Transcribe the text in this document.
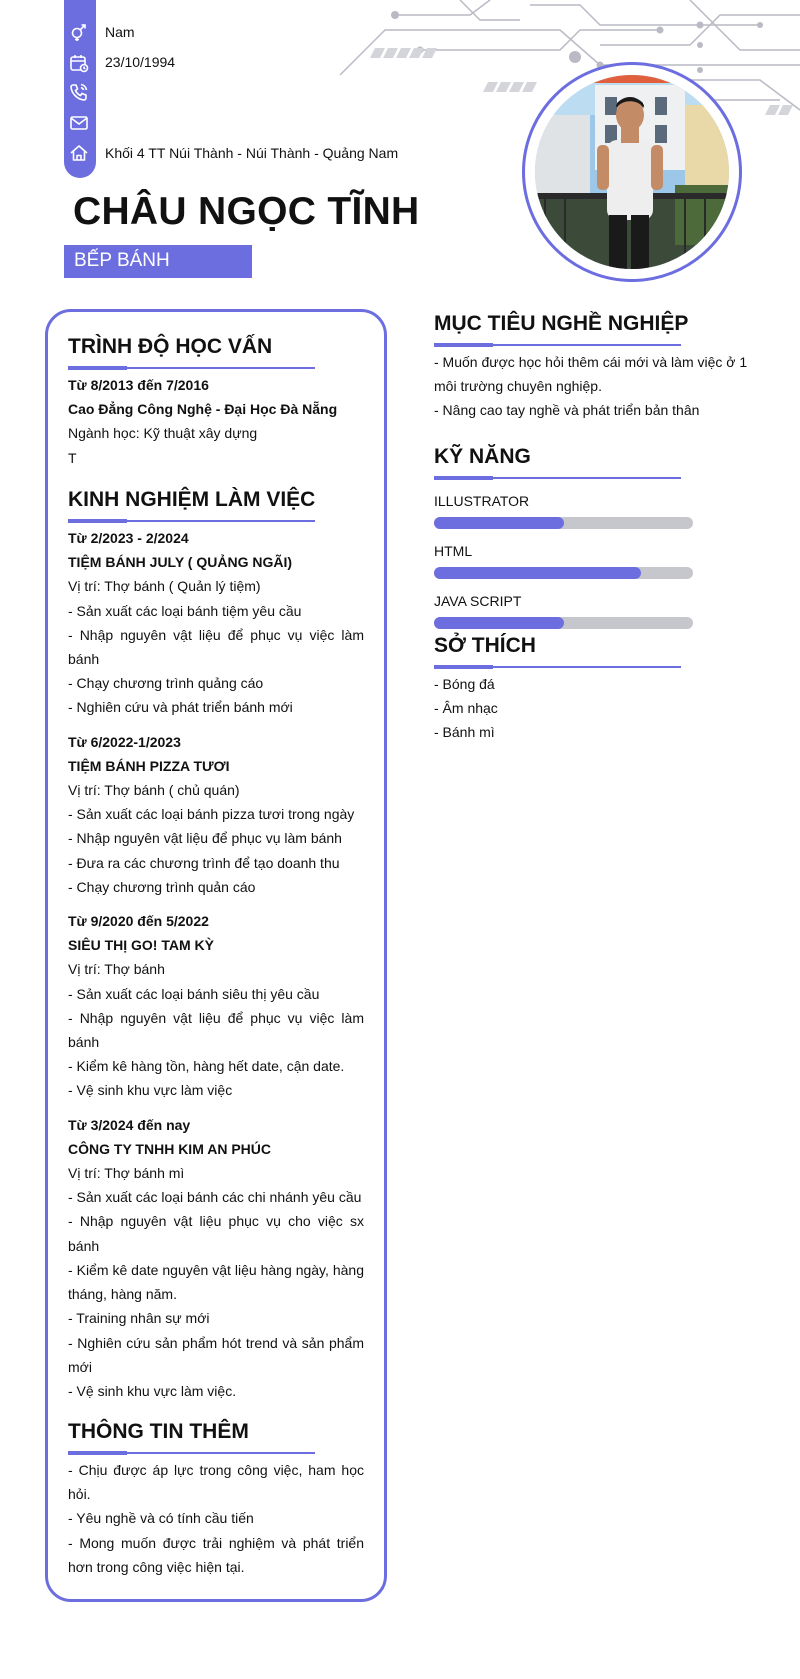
Nam
23/10/1994
Khối 4 TT Núi Thành - Núi Thành - Quảng Nam
CHÂU NGỌC TĨNH
BẾP BÁNH
TRÌNH ĐỘ HỌC VẤN
Từ 8/2013 đến 7/2016
Cao Đẳng Công Nghệ - Đại Học Đà Nẵng
Ngành học: Kỹ thuật xây dựng
T
KINH NGHIỆM LÀM VIỆC
Từ 2/2023 - 2/2024
TIỆM BÁNH JULY ( QUẢNG NGÃI)
Vị trí: Thợ bánh ( Quản lý tiệm)
- Sản xuất các loại bánh tiệm yêu cầu
- Nhập nguyên vật liệu để phục vụ việc làm
bánh
- Chạy chương trình quảng cáo
- Nghiên cứu và phát triển bánh mới
Từ 6/2022-1/2023
TIỆM BÁNH PIZZA TƯƠI
Vị trí: Thợ bánh ( chủ quán)
- Sản xuất các loại bánh pizza tươi trong ngày
- Nhập nguyên vật liệu để phục vụ làm bánh
- Đưa ra các chương trình để tạo doanh thu
- Chạy chương trình quản cáo
Từ 9/2020 đến 5/2022
SIÊU THỊ GO! TAM KỲ
Vị trí: Thợ bánh
- Sản xuất các loại bánh siêu thị yêu cầu
- Nhập nguyên vật liệu để phục vụ việc làm
bánh
- Kiểm kê hàng tồn, hàng hết date, cận date.
- Vệ sinh khu vực làm việc
Từ 3/2024 đến nay
CÔNG TY TNHH KIM AN PHÚC
Vị trí: Thợ bánh mì
- Sản xuất các loại bánh các chi nhánh yêu cầu
- Nhập nguyên vật liệu phục vụ cho việc sx
bánh
- Kiểm kê date nguyên vật liệu hàng ngày, hàng
tháng, hàng năm.
- Training nhân sự mới
- Nghiên cứu sản phẩm hót trend và sản phẩm
mới
- Vệ sinh khu vực làm việc.
THÔNG TIN THÊM
- Chịu được áp lực trong công việc, ham học
hỏi.
- Yêu nghề và có tính cầu tiến
- Mong muốn được trải nghiệm và phát triển
hơn trong công việc hiện tại.
MỤC TIÊU NGHỀ NGHIỆP
- Muốn được học hỏi thêm cái mới và làm việc ở 1
môi trường chuyên nghiệp.
- Nâng cao tay nghề và phát triển bản thân
KỸ NĂNG
ILLUSTRATOR
HTML
JAVA SCRIPT
SỞ THÍCH
- Bóng đá
- Âm nhạc
- Bánh mì
